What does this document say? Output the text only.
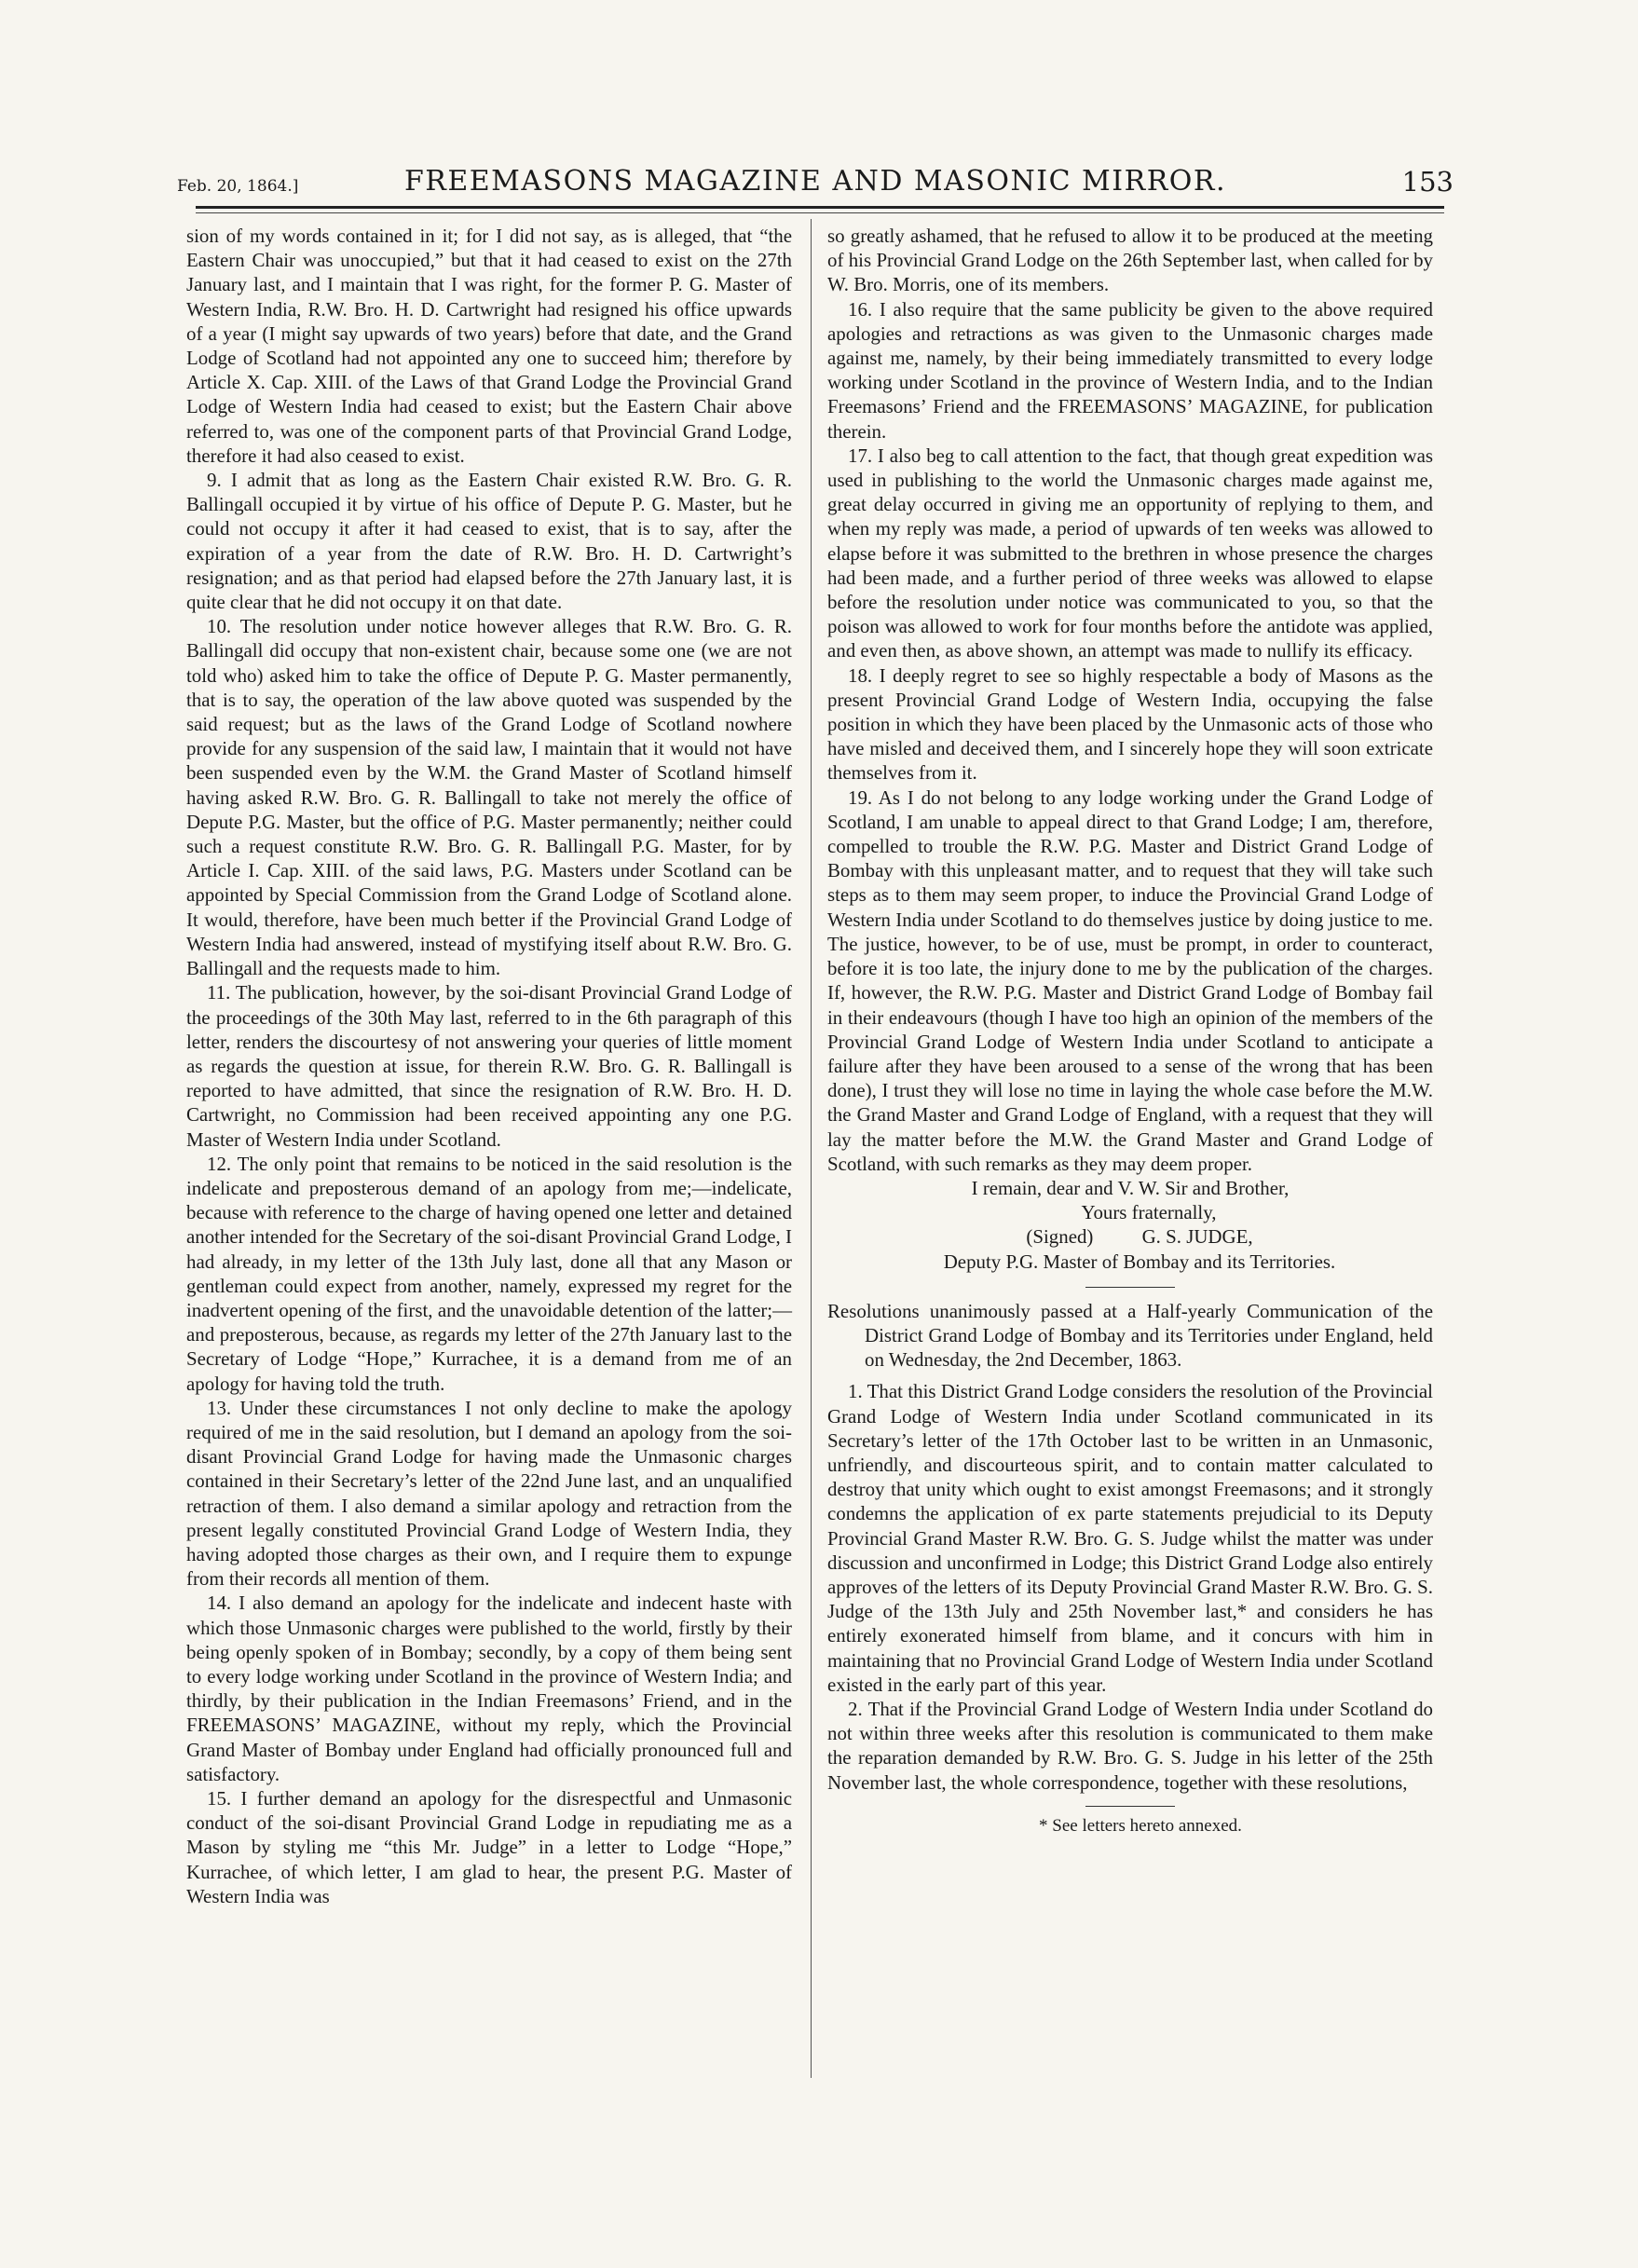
Feb. 20, 1864.]	FREEMASONS MAGAZINE AND MASONIC MIRROR.	153

sion of my words contained in it; for I did not say, as is alleged, that “the Eastern Chair was unoccupied,” but that it had ceased to exist on the 27th January last, and I maintain that I was right, for the former P. G. Master of Western India, R.W. Bro. H. D. Cartwright had resigned his office upwards of a year (I might say upwards of two years) before that date, and the Grand Lodge of Scotland had not appointed any one to succeed him; therefore by Article X. Cap. XIII. of the Laws of that Grand Lodge the Provincial Grand Lodge of Western India had ceased to exist; but the Eastern Chair above referred to, was one of the component parts of that Provincial Grand Lodge, therefore it had also ceased to exist.

9. I admit that as long as the Eastern Chair existed R.W. Bro. G. R. Ballingall occupied it by virtue of his office of Depute P. G. Master, but he could not occupy it after it had ceased to exist, that is to say, after the expiration of a year from the date of R.W. Bro. H. D. Cartwright’s resignation; and as that period had elapsed before the 27th January last, it is quite clear that he did not occupy it on that date.

10. The resolution under notice however alleges that R.W. Bro. G. R. Ballingall did occupy that non-existent chair, because some one (we are not told who) asked him to take the office of Depute P. G. Master permanently, that is to say, the operation of the law above quoted was suspended by the said request; but as the laws of the Grand Lodge of Scotland nowhere provide for any suspension of the said law, I maintain that it would not have been suspended even by the W.M. the Grand Master of Scotland himself having asked R.W. Bro. G. R. Ballingall to take not merely the office of Depute P.G. Master, but the office of P.G. Master permanently; neither could such a request constitute R.W. Bro. G. R. Ballingall P.G. Master, for by Article I. Cap. XIII. of the said laws, P.G. Masters under Scotland can be appointed by Special Commission from the Grand Lodge of Scotland alone. It would, therefore, have been much better if the Provincial Grand Lodge of Western India had answered, instead of mystifying itself about R.W. Bro. G. Ballingall and the requests made to him.

11. The publication, however, by the soi-disant Provincial Grand Lodge of the proceedings of the 30th May last, referred to in the 6th paragraph of this letter, renders the discourtesy of not answering your queries of little moment as regards the question at issue, for therein R.W. Bro. G. R. Ballingall is reported to have admitted, that since the resignation of R.W. Bro. H. D. Cartwright, no Commission had been received appointing any one P.G. Master of Western India under Scotland.

12. The only point that remains to be noticed in the said resolution is the indelicate and preposterous demand of an apology from me;—indelicate, because with reference to the charge of having opened one letter and detained another intended for the Secretary of the soi-disant Provincial Grand Lodge, I had already, in my letter of the 13th July last, done all that any Mason or gentleman could expect from another, namely, expressed my regret for the inadvertent opening of the first, and the unavoidable detention of the latter;—and preposterous, because, as regards my letter of the 27th January last to the Secretary of Lodge “Hope,” Kurrachee, it is a demand from me of an apology for having told the truth.

13. Under these circumstances I not only decline to make the apology required of me in the said resolution, but I demand an apology from the soi-disant Provincial Grand Lodge for having made the Unmasonic charges contained in their Secretary’s letter of the 22nd June last, and an unqualified retraction of them. I also demand a similar apology and retraction from the present legally constituted Provincial Grand Lodge of Western India, they having adopted those charges as their own, and I require them to expunge from their records all mention of them.

14. I also demand an apology for the indelicate and indecent haste with which those Unmasonic charges were published to the world, firstly by their being openly spoken of in Bombay; secondly, by a copy of them being sent to every lodge working under Scotland in the province of Western India; and thirdly, by their publication in the Indian Freemasons’ Friend, and in the FREEMASONS’ MAGAZINE, without my reply, which the Provincial Grand Master of Bombay under England had officially pronounced full and satisfactory.

15. I further demand an apology for the disrespectful and Unmasonic conduct of the soi-disant Provincial Grand Lodge in repudiating me as a Mason by styling me “this Mr. Judge” in a letter to Lodge “Hope,” Kurrachee, of which letter, I am glad to hear, the present P.G. Master of Western India was

so greatly ashamed, that he refused to allow it to be produced at the meeting of his Provincial Grand Lodge on the 26th September last, when called for by W. Bro. Morris, one of its members.

16. I also require that the same publicity be given to the above required apologies and retractions as was given to the Unmasonic charges made against me, namely, by their being immediately transmitted to every lodge working under Scotland in the province of Western India, and to the Indian Freemasons’ Friend and the FREEMASONS’ MAGAZINE, for publication therein.

17. I also beg to call attention to the fact, that though great expedition was used in publishing to the world the Unmasonic charges made against me, great delay occurred in giving me an opportunity of replying to them, and when my reply was made, a period of upwards of ten weeks was allowed to elapse before it was submitted to the brethren in whose presence the charges had been made, and a further period of three weeks was allowed to elapse before the resolution under notice was communicated to you, so that the poison was allowed to work for four months before the antidote was applied, and even then, as above shown, an attempt was made to nullify its efficacy.

18. I deeply regret to see so highly respectable a body of Masons as the present Provincial Grand Lodge of Western India, occupying the false position in which they have been placed by the Unmasonic acts of those who have misled and deceived them, and I sincerely hope they will soon extricate themselves from it.

19. As I do not belong to any lodge working under the Grand Lodge of Scotland, I am unable to appeal direct to that Grand Lodge; I am, therefore, compelled to trouble the R.W. P.G. Master and District Grand Lodge of Bombay with this unpleasant matter, and to request that they will take such steps as to them may seem proper, to induce the Provincial Grand Lodge of Western India under Scotland to do themselves justice by doing justice to me. The justice, however, to be of use, must be prompt, in order to counteract, before it is too late, the injury done to me by the publication of the charges. If, however, the R.W. P.G. Master and District Grand Lodge of Bombay fail in their endeavours (though I have too high an opinion of the members of the Provincial Grand Lodge of Western India under Scotland to anticipate a failure after they have been aroused to a sense of the wrong that has been done), I trust they will lose no time in laying the whole case before the M.W. the Grand Master and Grand Lodge of England, with a request that they will lay the matter before the M.W. the Grand Master and Grand Lodge of Scotland, with such remarks as they may deem proper.

I remain, dear and V. W. Sir and Brother,
Yours fraternally,
(Signed)          G. S. JUDGE,
Deputy P.G. Master of Bombay and its Territories.

Resolutions unanimously passed at a Half-yearly Communication of the District Grand Lodge of Bombay and its Territories under England, held on Wednesday, the 2nd December, 1863.

1. That this District Grand Lodge considers the resolution of the Provincial Grand Lodge of Western India under Scotland communicated in its Secretary’s letter of the 17th October last to be written in an Unmasonic, unfriendly, and discourteous spirit, and to contain matter calculated to destroy that unity which ought to exist amongst Freemasons; and it strongly condemns the application of ex parte statements prejudicial to its Deputy Provincial Grand Master R.W. Bro. G. S. Judge whilst the matter was under discussion and unconfirmed in Lodge; this District Grand Lodge also entirely approves of the letters of its Deputy Provincial Grand Master R.W. Bro. G. S. Judge of the 13th July and 25th November last,* and considers he has entirely exonerated himself from blame, and it concurs with him in maintaining that no Provincial Grand Lodge of Western India under Scotland existed in the early part of this year.

2. That if the Provincial Grand Lodge of Western India under Scotland do not within three weeks after this resolution is communicated to them make the reparation demanded by R.W. Bro. G. S. Judge in his letter of the 25th November last, the whole correspondence, together with these resolutions,

* See letters hereto annexed.
